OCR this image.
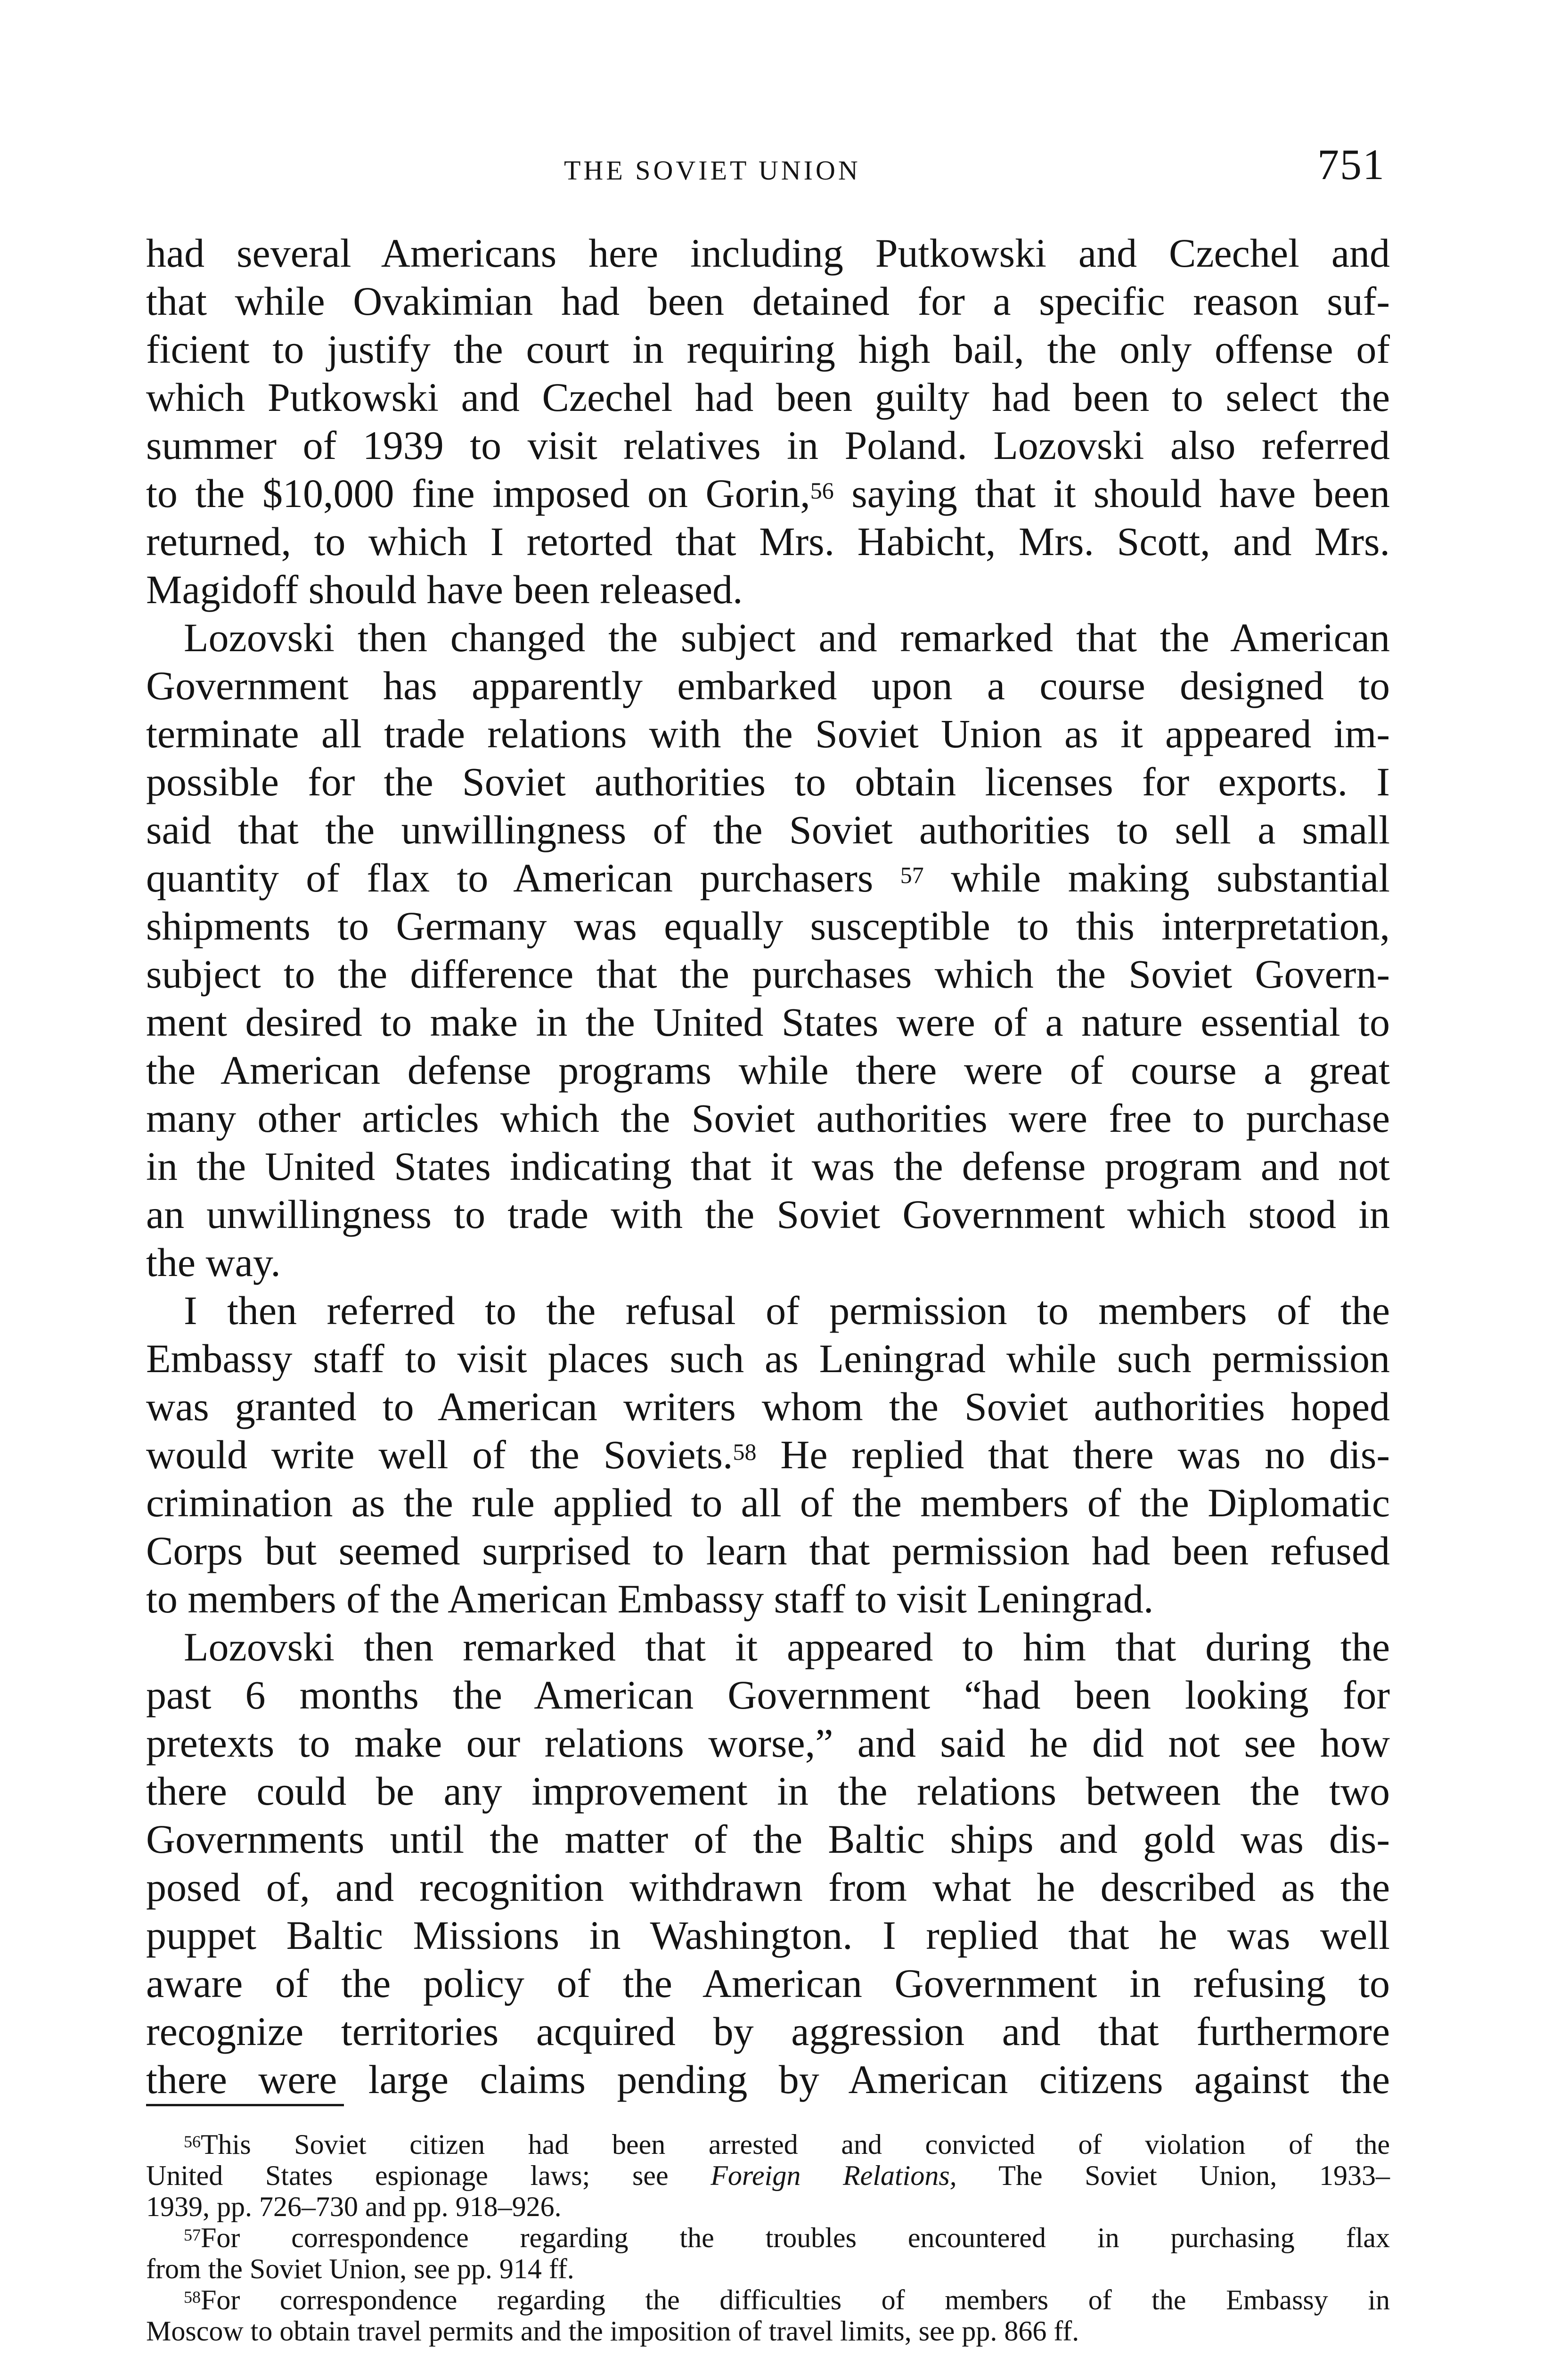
THE SOVIET UNION	751
had several Americans here including Putkowski and Czechel and
that while Ovakimian had been detained for a specific reason suf-
ficient to justify the court in requiring high bail, the only offense of
which Putkowski and Czechel had been guilty had been to select the
summer of 1939 to visit relatives in Poland. Lozovski also referred
to the $10,000 fine imposed on Gorin,$^{56}$ saying that it should have been
returned, to which I retorted that Mrs. Habicht, Mrs. Scott, and Mrs.
Magidoff should have been released.
Lozovski then changed the subject and remarked that the American
Government has apparently embarked upon a course designed to
terminate all trade relations with the Soviet Union as it appeared im-
possible for the Soviet authorities to obtain licenses for exports. I
said that the unwillingness of the Soviet authorities to sell a small
quantity of flax to American purchasers $^{57}$ while making substantial
shipments to Germany was equally susceptible to this interpretation,
subject to the difference that the purchases which the Soviet Govern-
ment desired to make in the United States were of a nature essential to
the American defense programs while there were of course a great
many other articles which the Soviet authorities were free to purchase
in the United States indicating that it was the defense program and not
an unwillingness to trade with the Soviet Government which stood in
the way.
I then referred to the refusal of permission to members of the
Embassy staff to visit places such as Leningrad while such permission
was granted to American writers whom the Soviet authorities hoped
would write well of the Soviets.$^{58}$ He replied that there was no dis-
crimination as the rule applied to all of the members of the Diplomatic
Corps but seemed surprised to learn that permission had been refused
to members of the American Embassy staff to visit Leningrad.
Lozovski then remarked that it appeared to him that during the
past 6 months the American Government “had been looking for
pretexts to make our relations worse,” and said he did not see how
there could be any improvement in the relations between the two
Governments until the matter of the Baltic ships and gold was dis-
posed of, and recognition withdrawn from what he described as the
puppet Baltic Missions in Washington. I replied that he was well
aware of the policy of the American Government in refusing to
recognize territories acquired by aggression and that furthermore
there were large claims pending by American citizens against the
$^{56}$This Soviet citizen had been arrested and convicted of violation of the
United States espionage laws; see Foreign Relations, The Soviet Union, 1933–
1939, pp. 726–730 and pp. 918–926.
$^{57}$For correspondence regarding the troubles encountered in purchasing flax
from the Soviet Union, see pp. 914 ff.
$^{58}$For correspondence regarding the difficulties of members of the Embassy in
Moscow to obtain travel permits and the imposition of travel limits, see pp. 866 ff.
